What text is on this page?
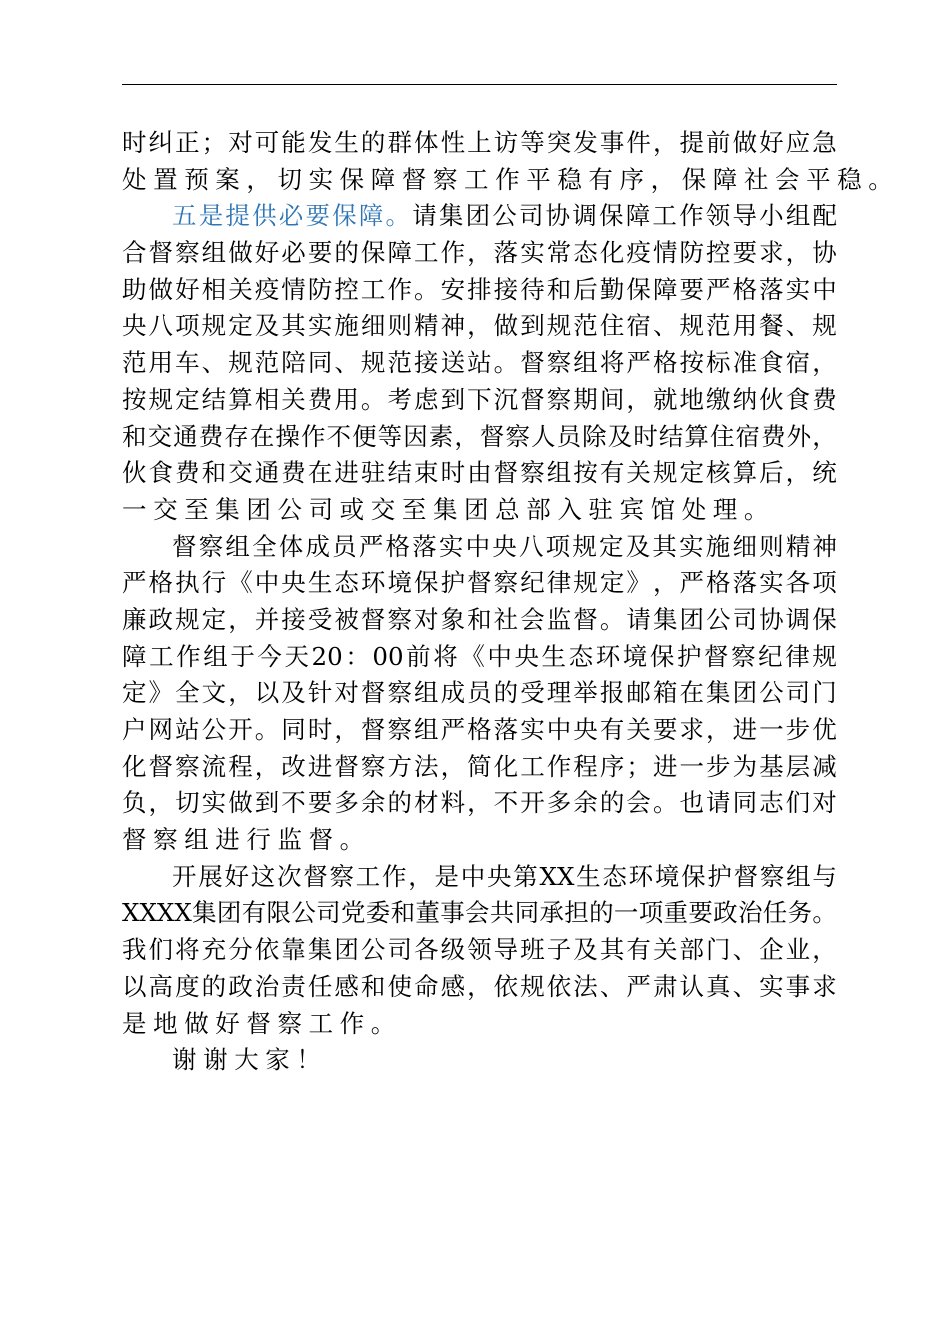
时 纠 正 ； 对 可 能 发 生 的 群 体 性 上 访 等 突 发 事 件 ， 提 前 做 好 应 急
处 置 预 案 ， 切 实 保 障 督 察 工 作 平 稳 有 序 ， 保 障 社 会 平 稳 。
五 是 提 供 必 要 保 障 。 请 集 团 公 司 协 调 保 障 工 作 领 导 小 组 配
合 督 察 组 做 好 必 要 的 保 障 工 作 ， 落 实 常 态 化 疫 情 防 控 要 求 ， 协
助 做 好 相 关 疫 情 防 控 工 作 。 安 排 接 待 和 后 勤 保 障 要 严 格 落 实 中
央 八 项 规 定 及 其 实 施 细 则 精 神 ， 做 到 规 范 住 宿 、 规 范 用 餐 、 规
范 用 车 、 规 范 陪 同 、 规 范 接 送 站 。 督 察 组 将 严 格 按 标 准 食 宿 ，
按 规 定 结 算 相 关 费 用 。 考 虑 到 下 沉 督 察 期 间 ， 就 地 缴 纳 伙 食 费
和 交 通 费 存 在 操 作 不 便 等 因 素 ， 督 察 人 员 除 及 时 结 算 住 宿 费 外 ，
伙 食 费 和 交 通 费 在 进 驻 结 束 时 由 督 察 组 按 有 关 规 定 核 算 后 ， 统
一 交 至 集 团 公 司 或 交 至 集 团 总 部 入 驻 宾 馆 处 理 。
督 察 组 全 体 成 员 严 格 落 实 中 央 八 项 规 定 及 其 实 施 细 则 精 神
严 格 执 行 《 中 央 生 态 环 境 保 护 督 察 纪 律 规 定 》 ， 严 格 落 实 各 项
廉 政 规 定 ， 并 接 受 被 督 察 对 象 和 社 会 监 督 。 请 集 团 公 司 协 调 保
障 工 作 组 于 今 天 20 ： 00 前 将 《 中 央 生 态 环 境 保 护 督 察 纪 律 规
定 》 全 文 ， 以 及 针 对 督 察 组 成 员 的 受 理 举 报 邮 箱 在 集 团 公 司 门
户 网 站 公 开 。 同 时 ， 督 察 组 严 格 落 实 中 央 有 关 要 求 ， 进 一 步 优
化 督 察 流 程 ， 改 进 督 察 方 法 ， 简 化 工 作 程 序 ； 进 一 步 为 基 层 减
负 ， 切 实 做 到 不 要 多 余 的 材 料 ， 不 开 多 余 的 会 。 也 请 同 志 们 对
督 察 组 进 行 监 督 。
开 展 好 这 次 督 察 工 作 ， 是 中 央 第 XX 生 态 环 境 保 护 督 察 组 与
XXXX 集 团 有 限 公 司 党 委 和 董 事 会 共 同 承 担 的 一 项 重 要 政 治 任 务 。
我 们 将 充 分 依 靠 集 团 公 司 各 级 领 导 班 子 及 其 有 关 部 门 、 企 业 ，
以 高 度 的 政 治 责 任 感 和 使 命 感 ， 依 规 依 法 、 严 肃 认 真 、 实 事 求
是 地 做 好 督 察 工 作 。
谢 谢 大 家 ！
